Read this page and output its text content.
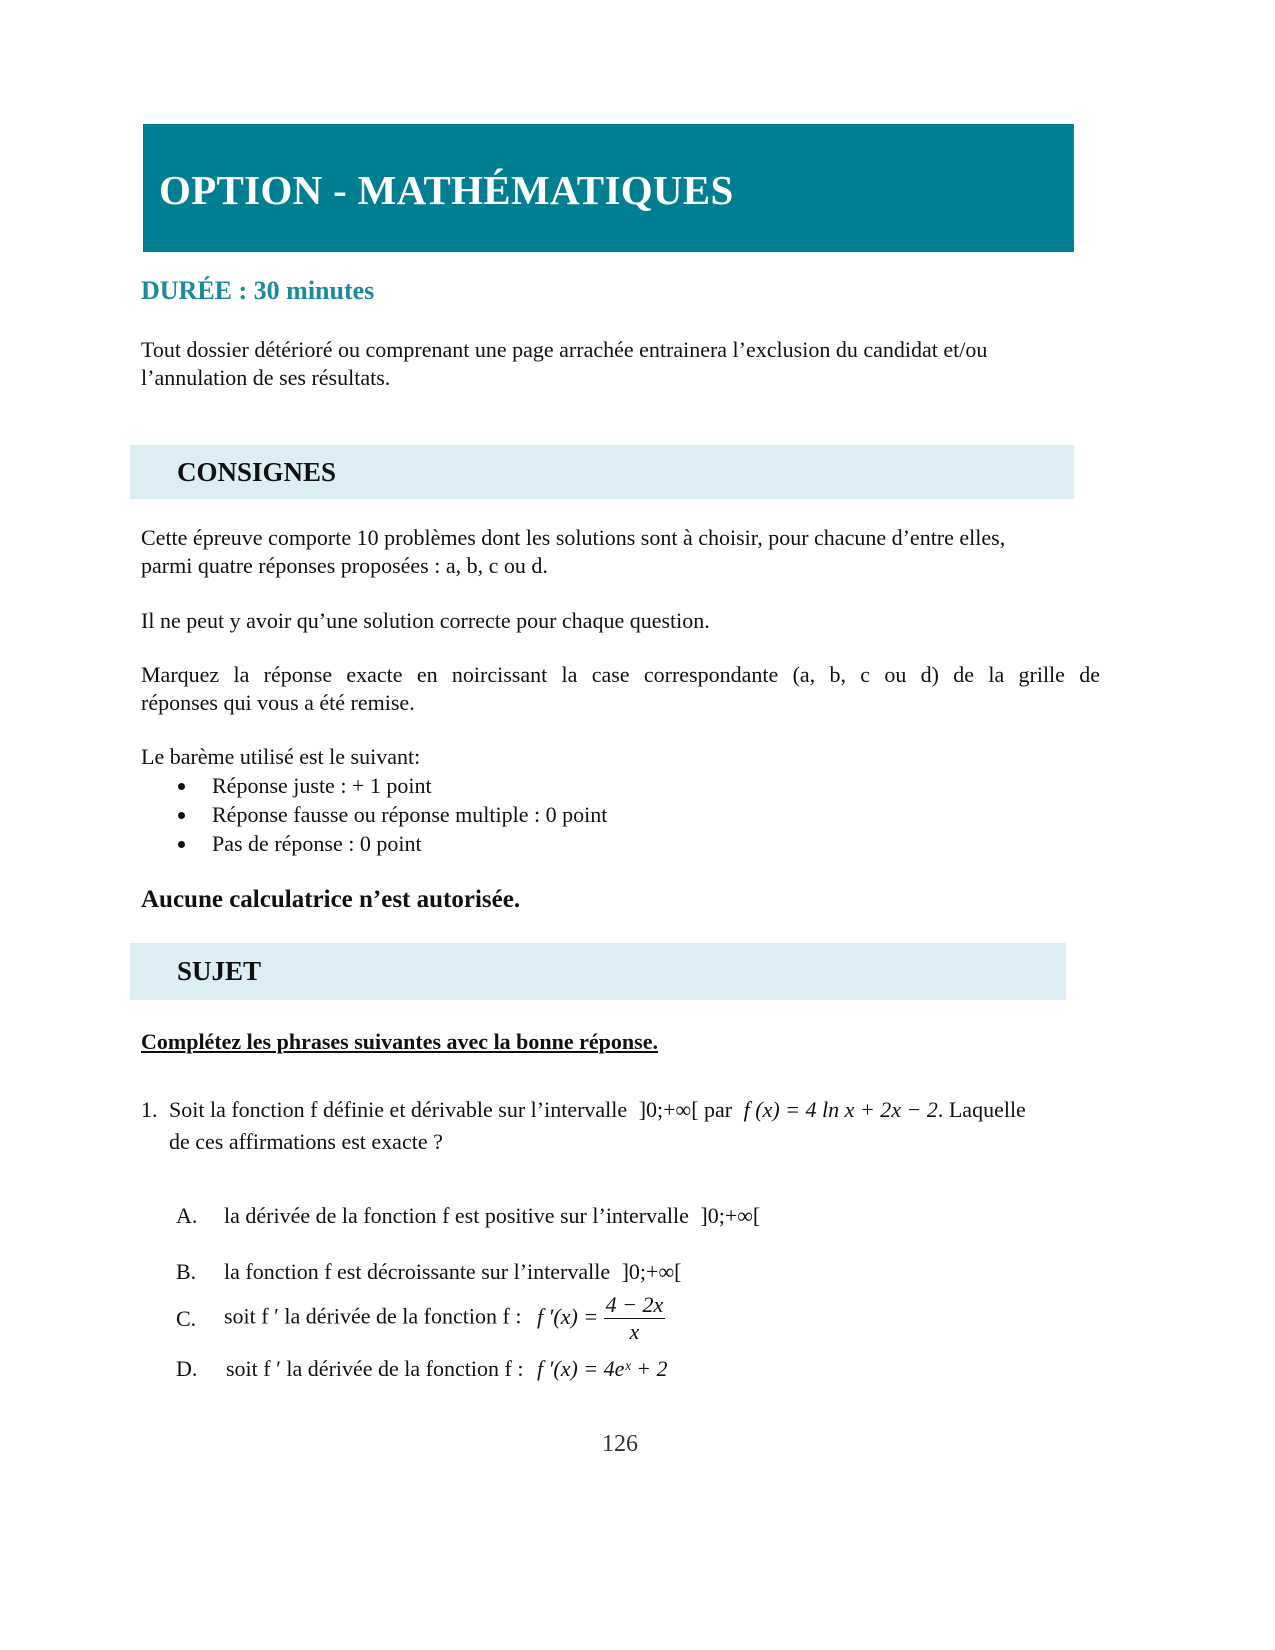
OPTION - MATHÉMATIQUES
DURÉE : 30 minutes
Tout dossier détérioré ou comprenant une page arrachée entrainera l’exclusion du candidat et/ou
l’annulation de ses résultats.
CONSIGNES
Cette épreuve comporte 10 problèmes dont les solutions sont à choisir, pour chacune d’entre elles,
parmi quatre réponses proposées : a, b, c ou d.
Il ne peut y avoir qu’une solution correcte pour chaque question.
Marquez la réponse exacte en noircissant la case correspondante (a, b, c ou d) de la grille de
réponses qui vous a été remise.
Le barème utilisé est le suivant:
Réponse juste : + 1 point
Réponse fausse ou réponse multiple : 0 point
Pas de réponse : 0 point
Aucune calculatrice n’est autorisée.
SUJET
Complétez les phrases suivantes avec la bonne réponse.
1. Soit la fonction f définie et dérivable sur l’intervalle ]0;+∞[ par f (x) = 4 ln x + 2x − 2. Laquelle
de ces affirmations est exacte ?
A. la dérivée de la fonction f est positive sur l’intervalle ]0;+∞[
B. la fonction f est décroissante sur l’intervalle ]0;+∞[
C. soit f ′ la dérivée de la fonction f : f $'(x) = \frac{4 - 2x}{x}$
D. soit f ′ la dérivée de la fonction f : f ′(x) = 4eˣ + 2
126
